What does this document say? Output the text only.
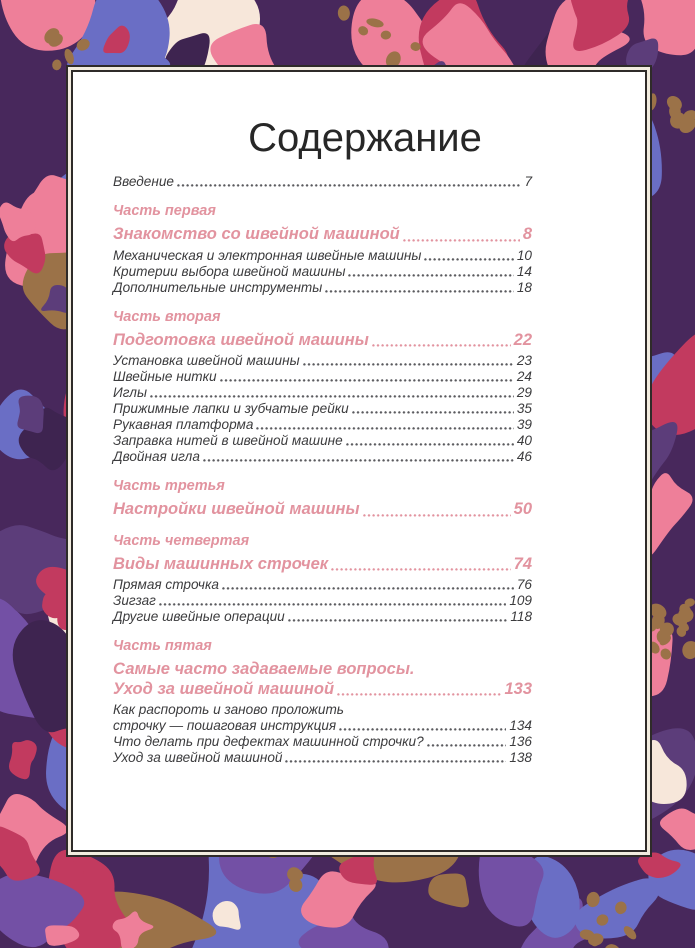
Содержание
Введение	7
Часть первая
Знакомство со швейной машиной	8
Механическая и электронная швейные машины	10
Критерии выбора швейной машины	14
Дополнительные инструменты	18
Часть вторая
Подготовка швейной машины	22
Установка швейной машины	23
Швейные нитки	24
Иглы	29
Прижимные лапки и зубчатые рейки	35
Рукавная платформа	39
Заправка нитей в швейной машине	40
Двойная игла	46
Часть третья
Настройки швейной машины	50
Часть четвертая
Виды машинных строчек	74
Прямая строчка	76
Зигзаг	109
Другие швейные операции	118
Часть пятая
Самые часто задаваемые вопросы.
Уход за швейной машиной	133
Как распороть и заново проложить
строчку — пошаговая инструкция	134
Что делать при дефектах машинной строчки?	136
Уход за швейной машиной	138
